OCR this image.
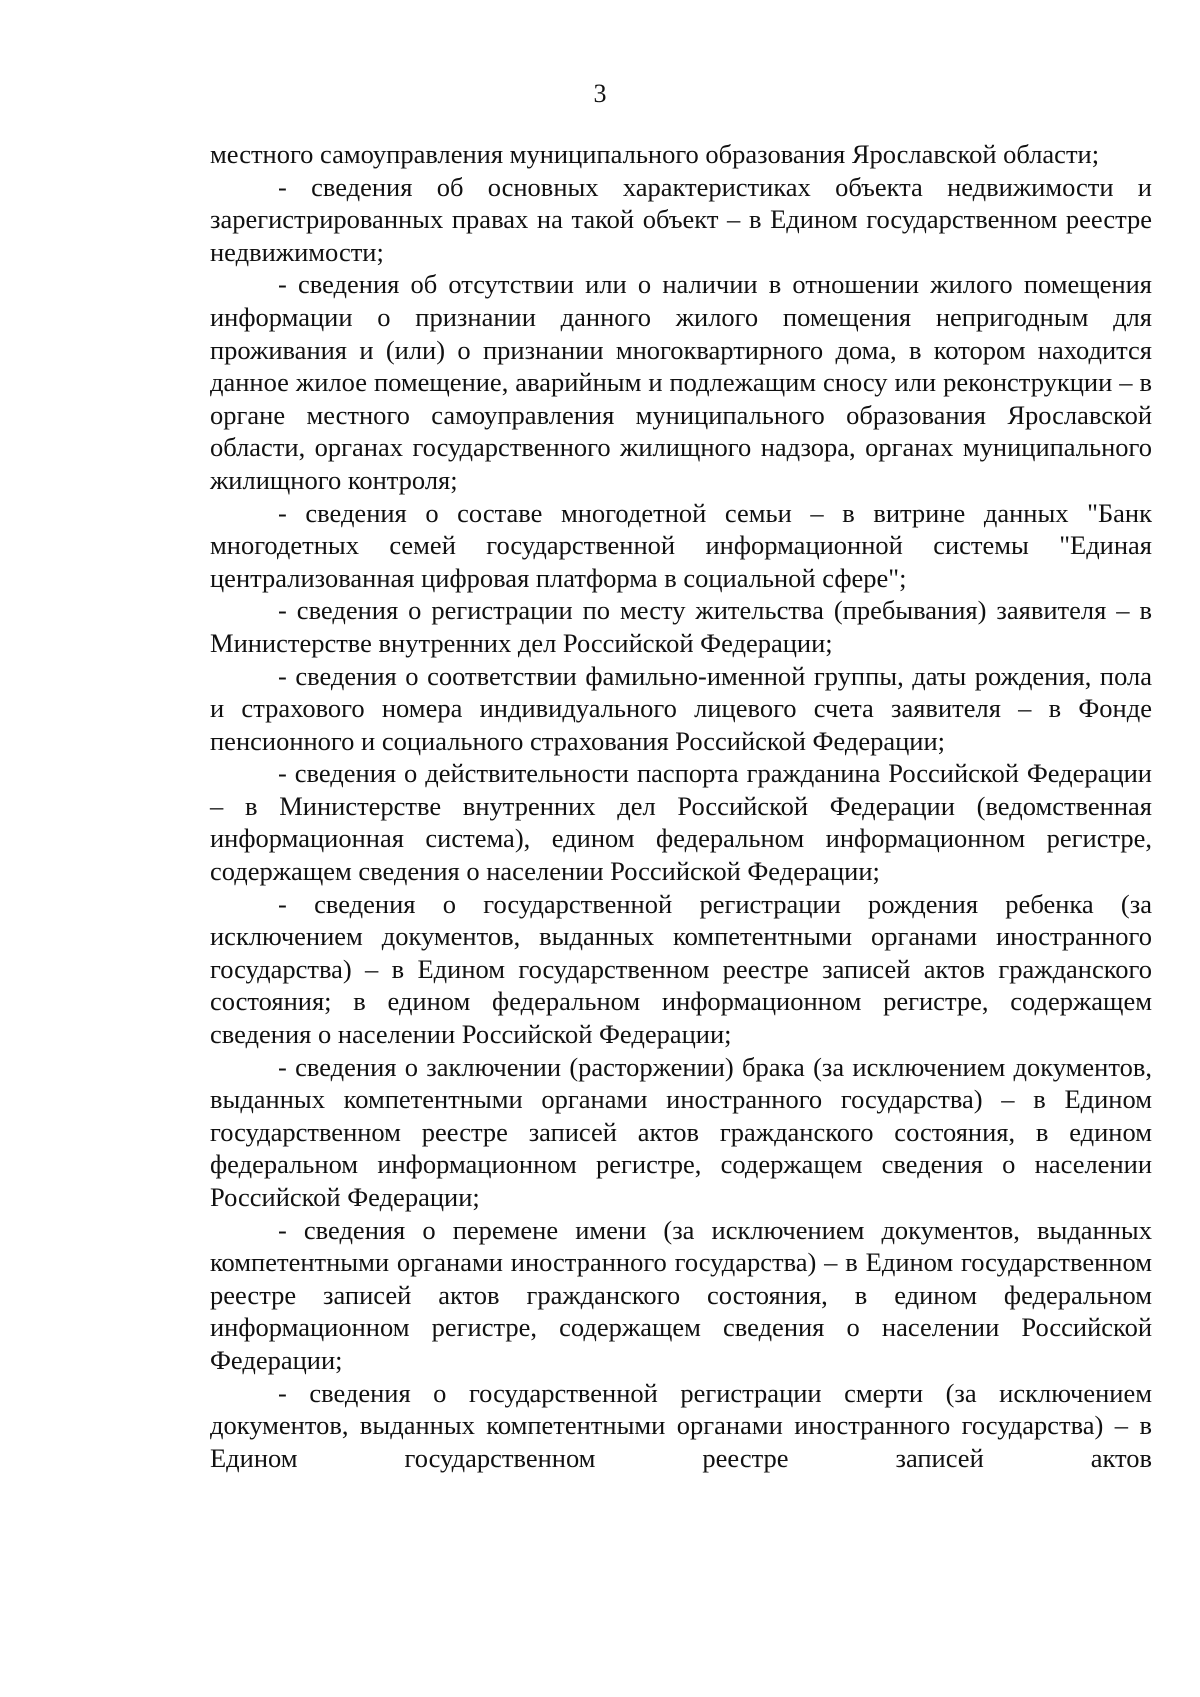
3

местного самоуправления муниципального образования Ярославской области;

- сведения об основных характеристиках объекта недвижимости и зарегистрированных правах на такой объект – в Едином государственном реестре недвижимости;

- сведения об отсутствии или о наличии в отношении жилого помещения информации о признании данного жилого помещения непригодным для проживания и (или) о признании многоквартирного дома, в котором находится данное жилое помещение, аварийным и подлежащим сносу или реконструкции – в органе местного самоуправления муниципального образования Ярославской области, органах государственного жилищного надзора, органах муниципального жилищного контроля;

- сведения о составе многодетной семьи – в витрине данных "Банк многодетных семей государственной информационной системы "Единая централизованная цифровая платформа в социальной сфере";

- сведения о регистрации по месту жительства (пребывания) заявителя – в Министерстве внутренних дел Российской Федерации;

- сведения о соответствии фамильно-именной группы, даты рождения, пола и страхового номера индивидуального лицевого счета заявителя – в Фонде пенсионного и социального страхования Российской Федерации;

- сведения о действительности паспорта гражданина Российской Федерации – в Министерстве внутренних дел Российской Федерации (ведомственная информационная система), едином федеральном информационном регистре, содержащем сведения о населении Российской Федерации;

- сведения о государственной регистрации рождения ребенка (за исключением документов, выданных компетентными органами иностранного государства) – в Едином государственном реестре записей актов гражданского состояния; в едином федеральном информационном регистре, содержащем сведения о населении Российской Федерации;

- сведения о заключении (расторжении) брака (за исключением документов, выданных компетентными органами иностранного государства) – в Едином государственном реестре записей актов гражданского состояния, в едином федеральном информационном регистре, содержащем сведения о населении Российской Федерации;

- сведения о перемене имени (за исключением документов, выданных компетентными органами иностранного государства) – в Едином государственном реестре записей актов гражданского состояния, в едином федеральном информационном регистре, содержащем сведения о населении Российской Федерации;

- сведения о государственной регистрации смерти (за исключением документов, выданных компетентными органами иностранного государства) – в Едином государственном реестре записей актов
